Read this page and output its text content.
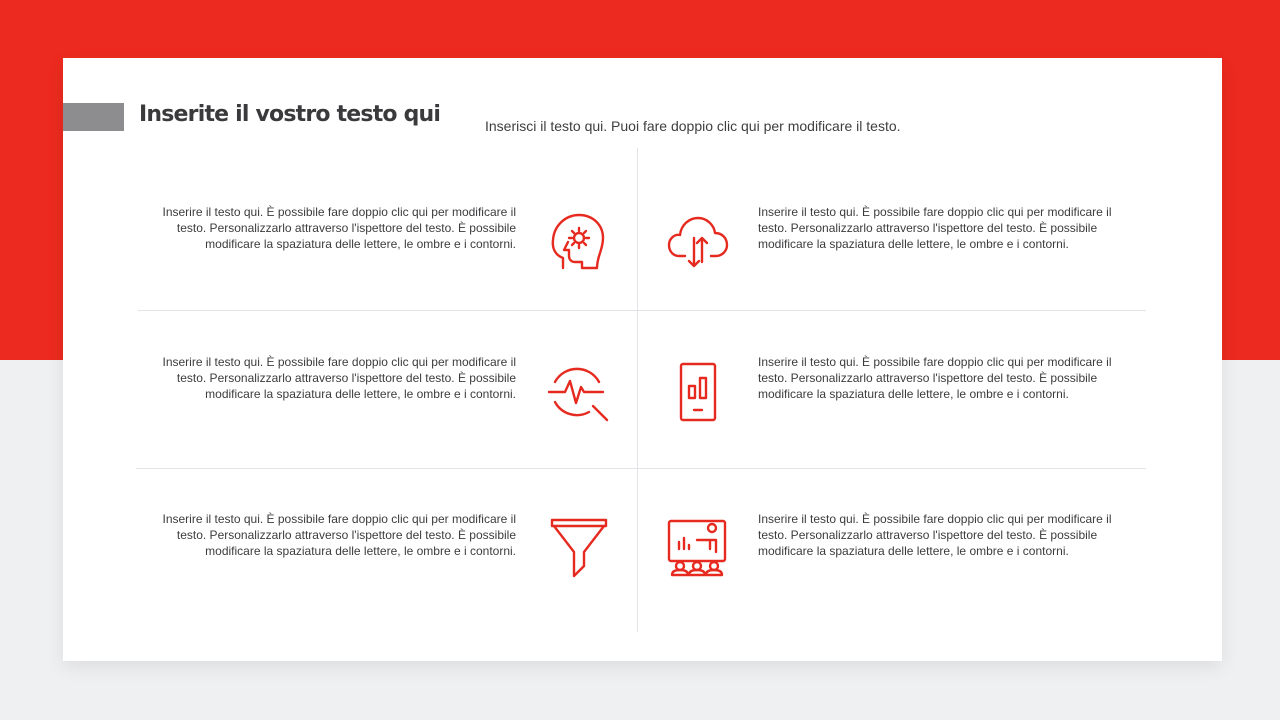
Inserite il vostro testo qui	Inserisci il testo qui. Puoi fare doppio clic qui per modificare il testo.
Inserire il testo qui. È possibile fare doppio clic qui per modificare il testo. Personalizzarlo attraverso l'ispettore del testo. È possibile modificare la spaziatura delle lettere, le ombre e i contorni.
Inserire il testo qui. È possibile fare doppio clic qui per modificare il testo. Personalizzarlo attraverso l'ispettore del testo. È possibile modificare la spaziatura delle lettere, le ombre e i contorni.
Inserire il testo qui. È possibile fare doppio clic qui per modificare il testo. Personalizzarlo attraverso l'ispettore del testo. È possibile modificare la spaziatura delle lettere, le ombre e i contorni.
Inserire il testo qui. È possibile fare doppio clic qui per modificare il testo. Personalizzarlo attraverso l'ispettore del testo. È possibile modificare la spaziatura delle lettere, le ombre e i contorni.
Inserire il testo qui. È possibile fare doppio clic qui per modificare il testo. Personalizzarlo attraverso l'ispettore del testo. È possibile modificare la spaziatura delle lettere, le ombre e i contorni.
Inserire il testo qui. È possibile fare doppio clic qui per modificare il testo. Personalizzarlo attraverso l'ispettore del testo. È possibile modificare la spaziatura delle lettere, le ombre e i contorni.
